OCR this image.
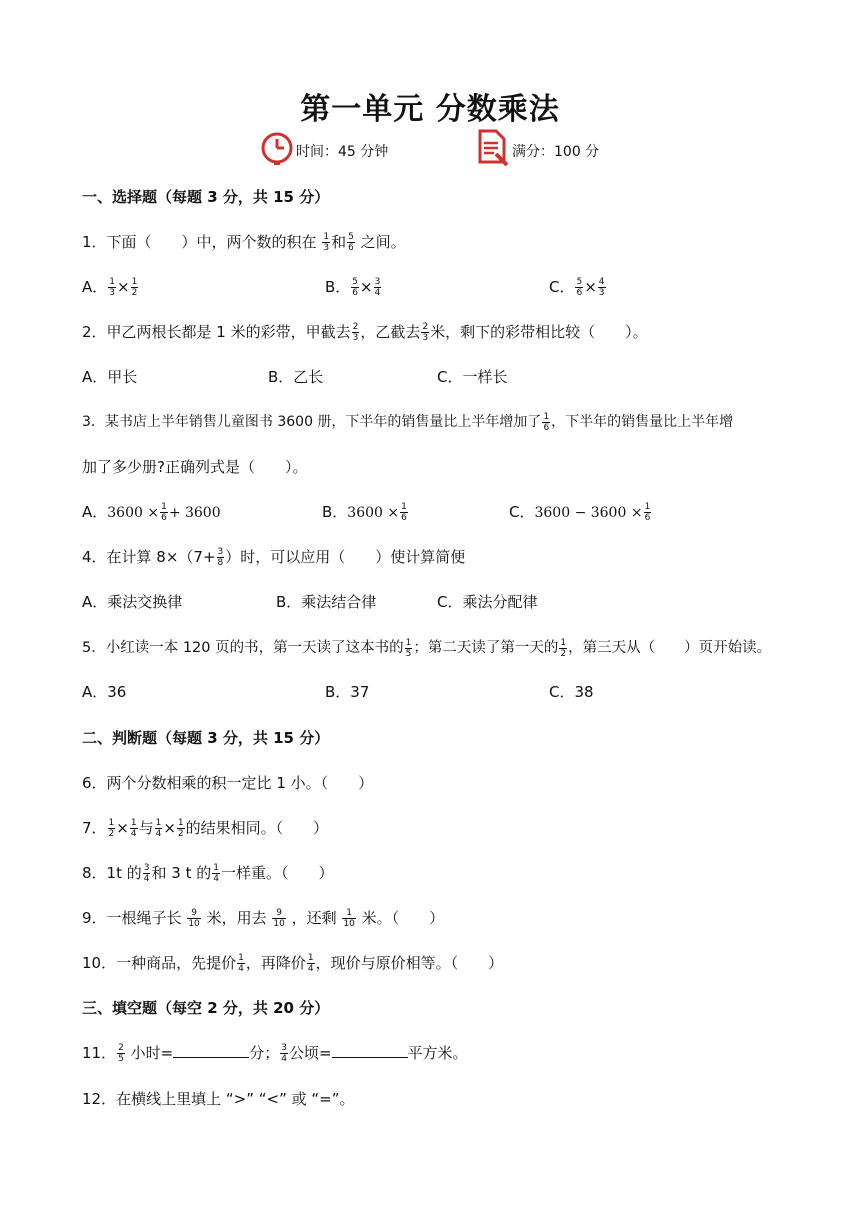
第一单元 分数乘法
时间：45 分钟	满分：100 分
一、选择题（每题 3 分，共 15 分）
1．下面（　　）中，两个数的积在 $\frac{1}{3}$ 和 $\frac{5}{6}$ 之间。
A． $\frac{1}{3} \times \frac{1}{2}$	B． $\frac{5}{6} \times \frac{3}{4}$	C． $\frac{5}{6} \times \frac{4}{3}$
2．甲乙两根长都是 1 米的彩带，甲截去 $\frac{2}{3}$ ，乙截去 $\frac{2}{3}$ 米，剩下的彩带相比较（　　）。
A．甲长	B．乙长	C．一样长
3．某书店上半年销售儿童图书 3600 册，下半年的销售量比上半年增加了 $\frac{1}{6}$ ，下半年的销售量比上半年增
加了多少册?正确列式是（　　）。
A．$3600 \times \frac{1}{6} + 3600$	B．$3600 \times \frac{1}{6}$	C．$3600 - 3600 \times \frac{1}{6}$
4．在计算 $8\times(7+ \frac{3}{8}$ ）时，可以应用（　　）使计算简便
A．乘法交换律	B．乘法结合律	C．乘法分配律
5．小红读一本 120 页的书，第一天读了这本书的 $\frac{1}{5}$ ；第二天读了第一天的 $\frac{1}{2}$ ，第三天从（　　）页开始读。
A．36	B．37	C．38
二、判断题（每题 3 分，共 15 分）
6．两个分数相乘的积一定比 1 小。（　　）
7． $\frac{1}{2} \times \frac{1}{4}$ 与 $\frac{1}{4} \times \frac{1}{2}$ 的结果相同。（　　）
8．1t 的 $\frac{3}{4}$ 和 3 t 的 $\frac{1}{4}$ 一样重。（　　）
9．一根绳子长 $\frac{9}{10}$ 米，用去 $\frac{9}{10}$ ，还剩 $\frac{1}{10}$ 米。（　　）
10．一种商品，先提价 $\frac{1}{4}$ ，再降价 $\frac{1}{4}$ ，现价与原价相等。（　　）
三、填空题（每空 2 分，共 20 分）
11． $\frac{2}{5}$ 小时=	分； $\frac{3}{4}$ 公顷=	平方米。
12．在横线上里填上 “>” “<” 或 “=”。
